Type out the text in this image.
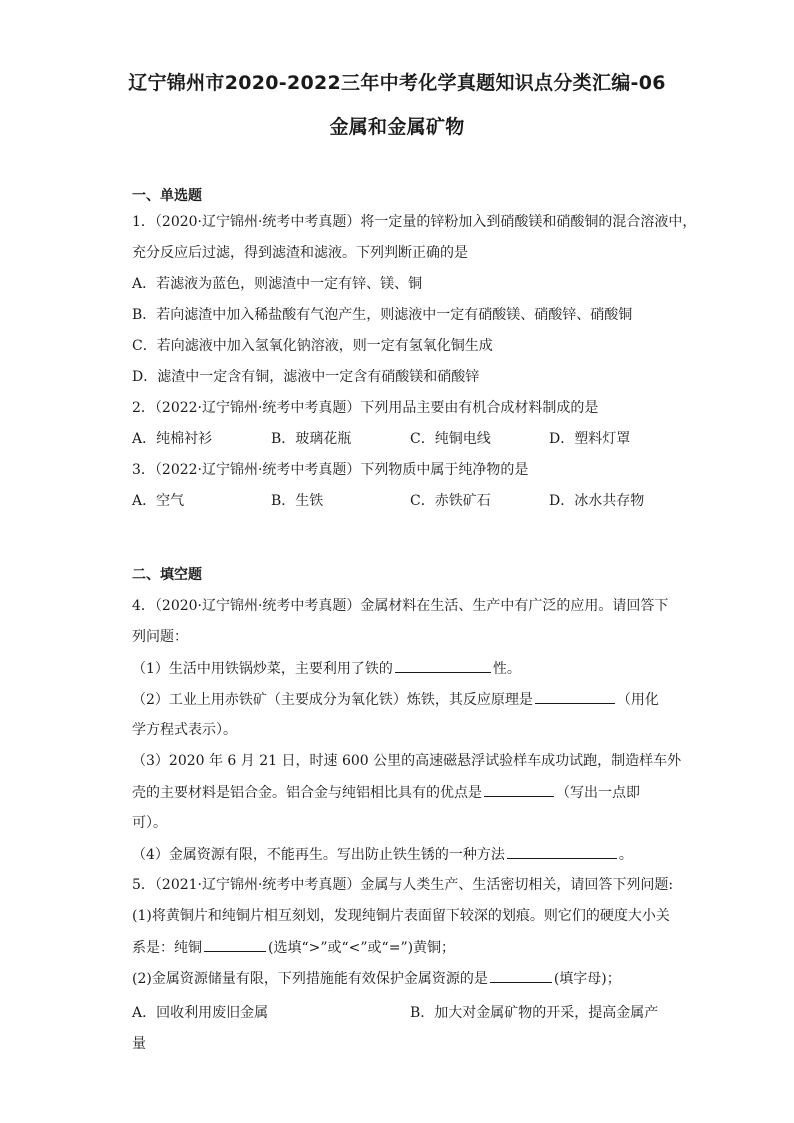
辽宁锦州市2020-2022三年中考化学真题知识点分类汇编-06
金属和金属矿物
一、单选题
1．（2020·辽宁锦州·统考中考真题）将一定量的锌粉加入到硝酸镁和硝酸铜的混合溶液中，
充分反应后过滤，得到滤渣和滤液。下列判断正确的是
A．若滤液为蓝色，则滤渣中一定有锌、镁、铜
B．若向滤渣中加入稀盐酸有气泡产生，则滤液中一定有硝酸镁、硝酸锌、硝酸铜
C．若向滤液中加入氢氧化钠溶液，则一定有氢氧化铜生成
D．滤渣中一定含有铜，滤液中一定含有硝酸镁和硝酸锌
2．（2022·辽宁锦州·统考中考真题）下列用品主要由有机合成材料制成的是
A．纯棉衬衫	B．玻璃花瓶	C．纯铜电线	D．塑料灯罩
3．（2022·辽宁锦州·统考中考真题）下列物质中属于纯净物的是
A．空气	B．生铁	C．赤铁矿石	D．冰水共存物
二、填空题
4．（2020·辽宁锦州·统考中考真题）金属材料在生活、生产中有广泛的应用。请回答下
列问题：
（1）生活中用铁锅炒菜，主要利用了铁的	性。
（2）工业上用赤铁矿（主要成分为氧化铁）炼铁，其反应原理是	（用化
学方程式表示）。
（3）2020 年 6 月 21 日，时速 600 公里的高速磁悬浮试验样车成功试跑，制造样车外
壳的主要材料是铝合金。铝合金与纯铝相比具有的优点是	（写出一点即
可）。
（4）金属资源有限，不能再生。写出防止铁生锈的一种方法	。
5．（2021·辽宁锦州·统考中考真题）金属与人类生产、生活密切相关，请回答下列问题:
(1)将黄铜片和纯铜片相互刻划，发现纯铜片表面留下较深的划痕。则它们的硬度大小关
系是：纯铜	(选填“>”或“<”或“=”)黄铜；
(2)金属资源储量有限，下列措施能有效保护金属资源的是	(填字母)；
A．回收利用废旧金属	B．加大对金属矿物的开采，提高金属产
量
